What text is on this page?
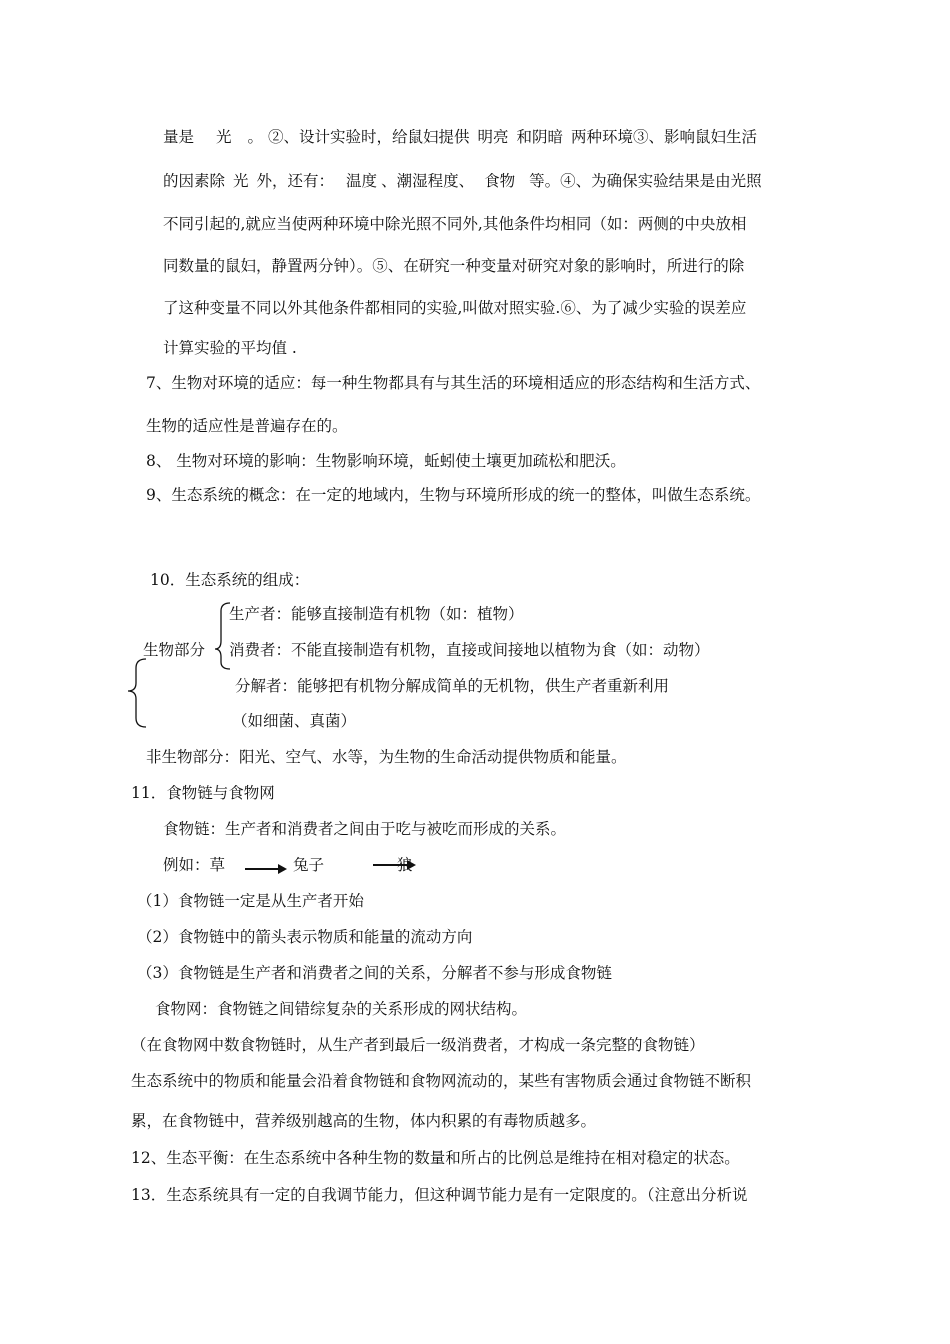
量是 光 。 ②、设计实验时，给鼠妇提供 明亮 和阴暗 两种环境③、影响鼠妇生活
的因素除 光 外，还有： 温度 、潮湿程度、 食物 等。④、为确保实验结果是由光照
不同引起的,就应当使两种环境中除光照不同外,其他条件均相同（如：两侧的中央放相
同数量的鼠妇，静置两分钟）。⑤、在研究一种变量对研究对象的影响时，所进行的除
了这种变量不同以外其他条件都相同的实验,叫做对照实验.⑥、为了减少实验的误差应
计算实验的平均值 .
7、生物对环境的适应：每一种生物都具有与其生活的环境相适应的形态结构和生活方式、
生物的适应性是普遍存在的。
8、 生物对环境的影响：生物影响环境，蚯蚓使土壤更加疏松和肥沃。
9、生态系统的概念：在一定的地域内，生物与环境所形成的统一的整体，叫做生态系统。
10．生态系统的组成：
生产者：能够直接制造有机物（如：植物）
生物部分 消费者：不能直接制造有机物，直接或间接地以植物为食（如：动物）
分解者：能够把有机物分解成简单的无机物，供生产者重新利用
（如细菌、真菌）
非生物部分：阳光、空气、水等，为生物的生命活动提供物质和能量。
11．食物链与食物网
食物链：生产者和消费者之间由于吃与被吃而形成的关系。
例如：草	兔子	狼
（1）食物链一定是从生产者开始
（2）食物链中的箭头表示物质和能量的流动方向
（3）食物链是生产者和消费者之间的关系，分解者不参与形成食物链
食物网：食物链之间错综复杂的关系形成的网状结构。
（在食物网中数食物链时，从生产者到最后一级消费者，才构成一条完整的食物链）
生态系统中的物质和能量会沿着食物链和食物网流动的，某些有害物质会通过食物链不断积
累，在食物链中，营养级别越高的生物，体内积累的有毒物质越多。
12、生态平衡：在生态系统中各种生物的数量和所占的比例总是维持在相对稳定的状态。
13．生态系统具有一定的自我调节能力，但这种调节能力是有一定限度的。（注意出分析说
